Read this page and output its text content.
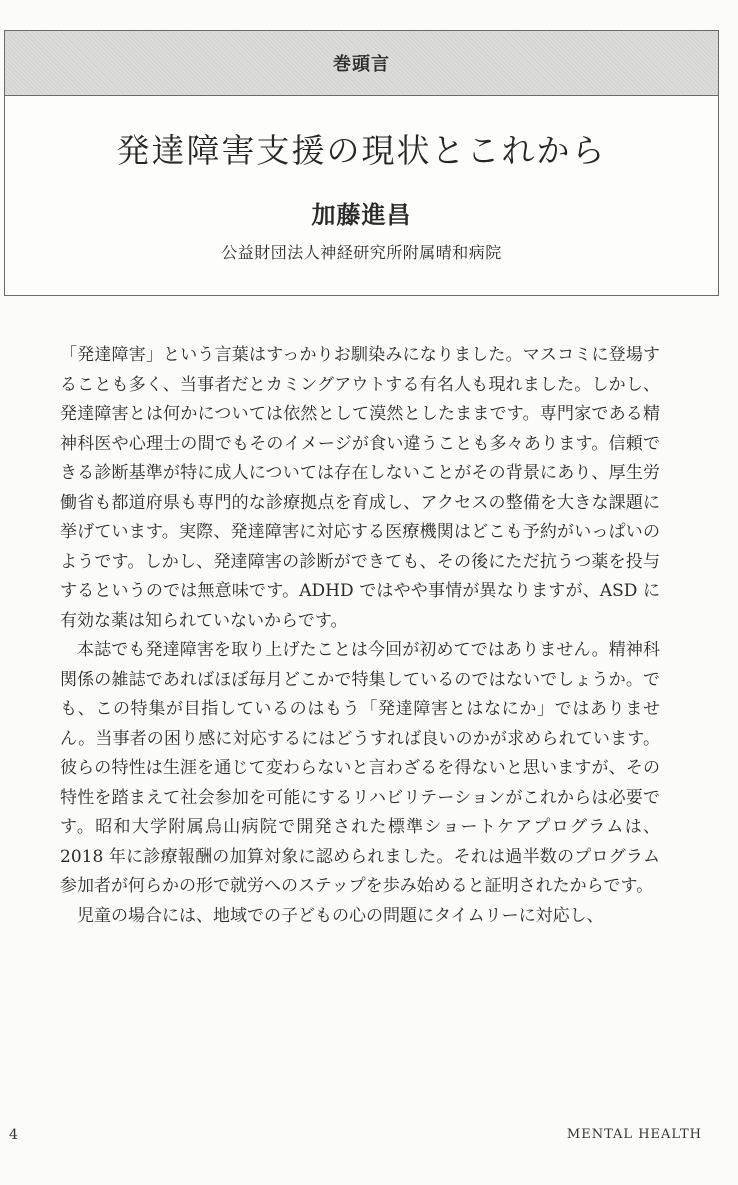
巻頭言
発達障害支援の現状とこれから
加藤進昌
公益財団法人神経研究所附属晴和病院

「発達障害」という言葉はすっかりお馴染みになりました。マスコミに登場することも多く、当事者だとカミングアウトする有名人も現れました。しかし、発達障害とは何かについては依然として漠然としたままです。専門家である精神科医や心理士の間でもそのイメージが食い違うことも多々あります。信頼できる診断基準が特に成人については存在しないことがその背景にあり、厚生労働省も都道府県も専門的な診療拠点を育成し、アクセスの整備を大きな課題に挙げています。実際、発達障害に対応する医療機関はどこも予約がいっぱいのようです。しかし、発達障害の診断ができても、その後にただ抗うつ薬を投与するというのでは無意味です。ADHD ではやや事情が異なりますが、ASD に有効な薬は知られていないからです。

本誌でも発達障害を取り上げたことは今回が初めてではありません。精神科関係の雑誌であればほぼ毎月どこかで特集しているのではないでしょうか。でも、この特集が目指しているのはもう「発達障害とはなにか」ではありません。当事者の困り感に対応するにはどうすれば良いのかが求められています。彼らの特性は生涯を通じて変わらないと言わざるを得ないと思いますが、その特性を踏まえて社会参加を可能にするリハビリテーションがこれからは必要です。昭和大学附属烏山病院で開発された標準ショートケアプログラムは、2018 年に診療報酬の加算対象に認められました。それは過半数のプログラム参加者が何らかの形で就労へのステップを歩み始めると証明されたからです。

児童の場合には、地域での子どもの心の問題にタイムリーに対応し、

4	MENTAL HEALTH
